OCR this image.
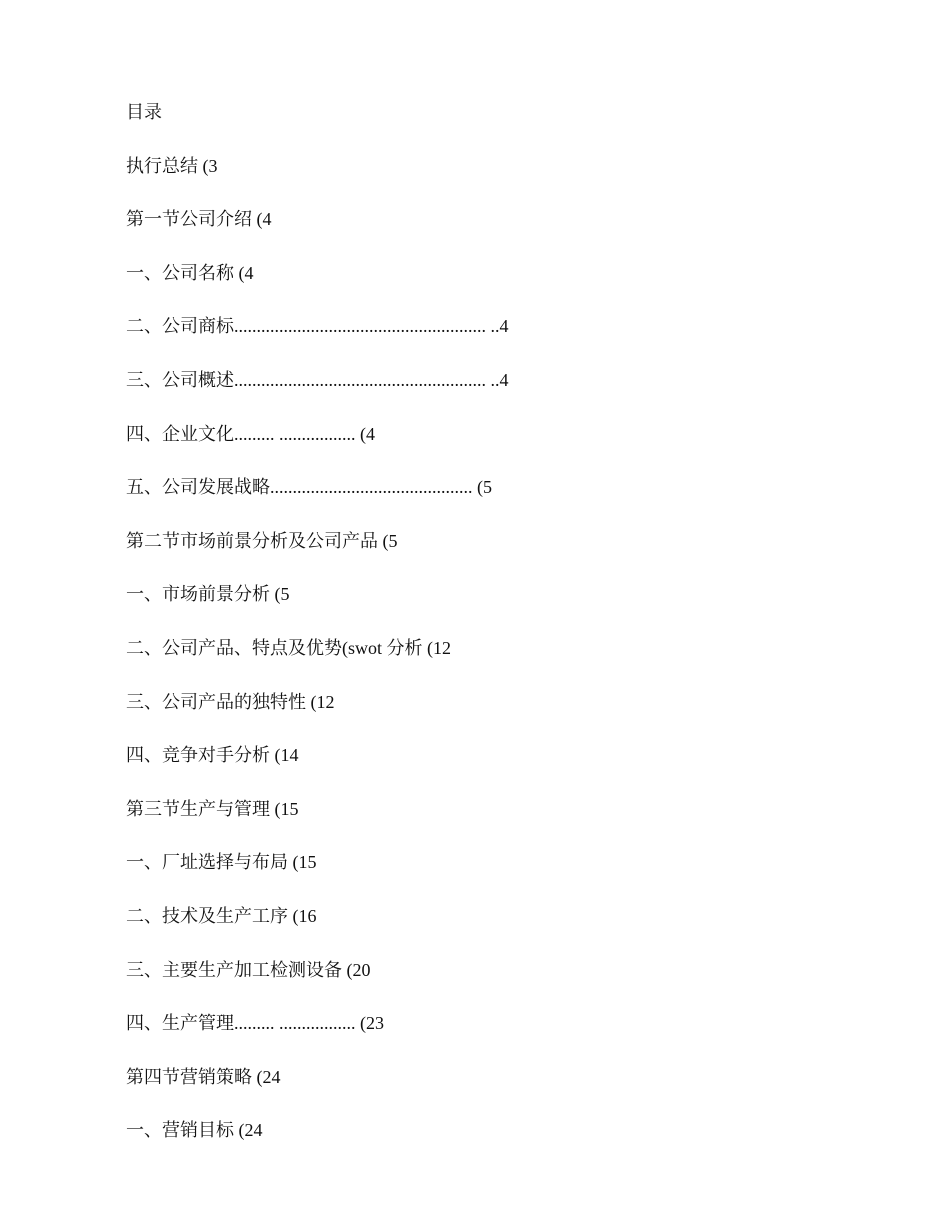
目录
执行总结 (3
第一节公司介绍 (4
一、公司名称 (4
二、公司商标........................................................ ..4
三、公司概述........................................................ ..4
四、企业文化......... ................. (4
五、公司发展战略............................................. (5
第二节市场前景分析及公司产品 (5
一、市场前景分析 (5
二、公司产品、特点及优势(swot 分析 (12
三、公司产品的独特性 (12
四、竞争对手分析 (14
第三节生产与管理 (15
一、厂址选择与布局 (15
二、技术及生产工序 (16
三、主要生产加工检测设备 (20
四、生产管理......... ................. (23
第四节营销策略 (24
一、营销目标 (24
